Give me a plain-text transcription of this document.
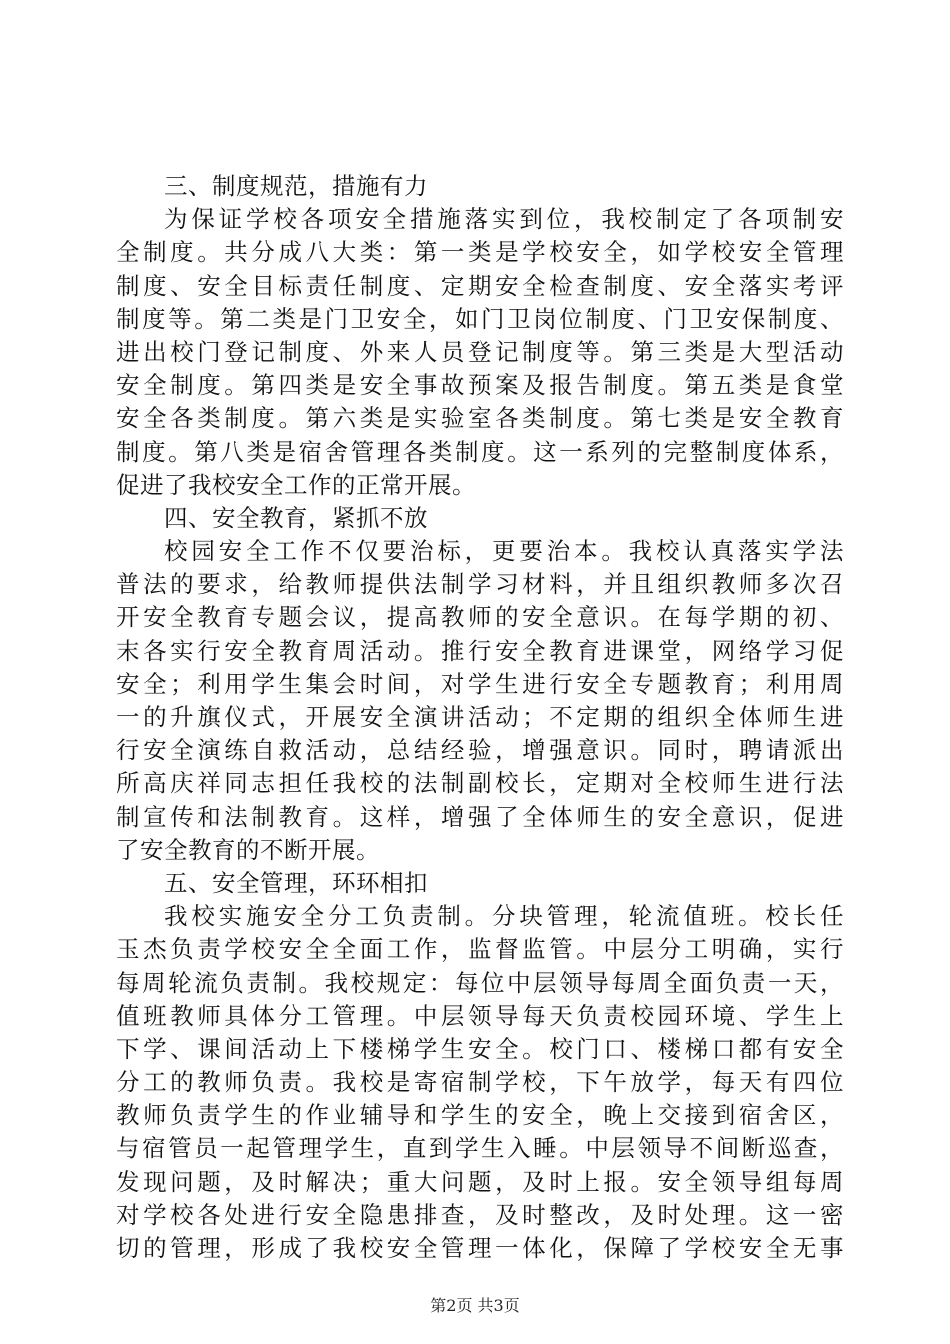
三、制度规范，措施有力
为保证学校各项安全措施落实到位，我校制定了各项制安
全制度。共分成八大类：第一类是学校安全，如学校安全管理
制度、安全目标责任制度、定期安全检查制度、安全落实考评
制度等。第二类是门卫安全，如门卫岗位制度、门卫安保制度、
进出校门登记制度、外来人员登记制度等。第三类是大型活动
安全制度。第四类是安全事故预案及报告制度。第五类是食堂
安全各类制度。第六类是实验室各类制度。第七类是安全教育
制度。第八类是宿舍管理各类制度。这一系列的完整制度体系，
促进了我校安全工作的正常开展。
四、安全教育，紧抓不放
校园安全工作不仅要治标，更要治本。我校认真落实学法
普法的要求，给教师提供法制学习材料，并且组织教师多次召
开安全教育专题会议，提高教师的安全意识。在每学期的初、
末各实行安全教育周活动。推行安全教育进课堂，网络学习促
安全；利用学生集会时间，对学生进行安全专题教育；利用周
一的升旗仪式，开展安全演讲活动；不定期的组织全体师生进
行安全演练自救活动，总结经验，增强意识。同时，聘请派出
所高庆祥同志担任我校的法制副校长，定期对全校师生进行法
制宣传和法制教育。这样，增强了全体师生的安全意识，促进
了安全教育的不断开展。
五、安全管理，环环相扣
我校实施安全分工负责制。分块管理，轮流值班。校长任
玉杰负责学校安全全面工作，监督监管。中层分工明确，实行
每周轮流负责制。我校规定：每位中层领导每周全面负责一天，
值班教师具体分工管理。中层领导每天负责校园环境、学生上
下学、课间活动上下楼梯学生安全。校门口、楼梯口都有安全
分工的教师负责。我校是寄宿制学校，下午放学，每天有四位
教师负责学生的作业辅导和学生的安全，晚上交接到宿舍区，
与宿管员一起管理学生，直到学生入睡。中层领导不间断巡查，
发现问题，及时解决；重大问题，及时上报。安全领导组每周
对学校各处进行安全隐患排查，及时整改，及时处理。这一密
切的管理，形成了我校安全管理一体化，保障了学校安全无事
第2页 共3页
